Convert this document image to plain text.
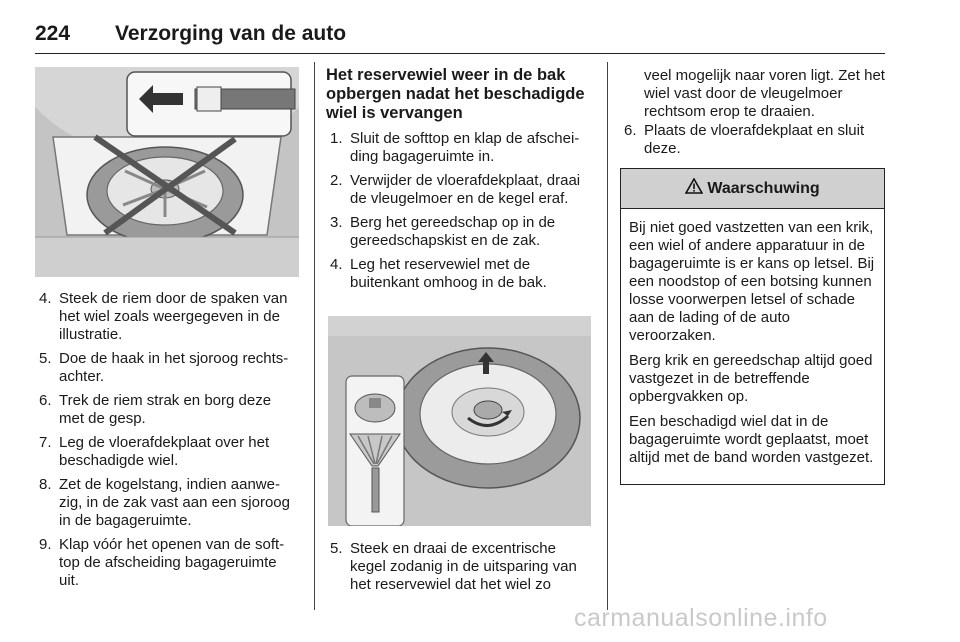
224 Verzorging van de auto
4. Steek de riem door de spaken van het wiel zoals weergegeven in de illustratie.
5. Doe de haak in het sjoroog rechts-achter.
6. Trek de riem strak en borg deze met de gesp.
7. Leg de vloerafdekplaat over het beschadigde wiel.
8. Zet de kogelstang, indien aanwe-zig, in de zak vast aan een sjoroog in de bagageruimte.
9. Klap vóór het openen van de soft-top de afscheiding bagageruimte uit.
Het reservewiel weer in de bak opbergen nadat het beschadigde wiel is vervangen
1. Sluit de softtop en klap de afschei-ding bagageruimte in.
2. Verwijder de vloerafdekplaat, draai de vleugelmoer en de kegel eraf.
3. Berg het gereedschap op in de gereedschapskist en de zak.
4. Leg het reservewiel met de buitenkant omhoog in de bak.
5. Steek en draai de excentrische kegel zodanig in de uitsparing van het reservewiel dat het wiel zo
veel mogelijk naar voren ligt. Zet het wiel vast door de vleugelmoer rechtsom erop te draaien.
6. Plaats de vloerafdekplaat en sluit deze.
Waarschuwing

Bij niet goed vastzetten van een krik, een wiel of andere apparatuur in de bagageruimte is er kans op letsel. Bij een noodstop of een botsing kunnen losse voorwerpen letsel of schade aan de lading of de auto veroorzaken.

Berg krik en gereedschap altijd goed vastgezet in de betreffende opbergvakken op.

Een beschadigd wiel dat in de bagageruimte wordt geplaatst, moet altijd met de band worden vastgezet.

carmanualsonline.info
